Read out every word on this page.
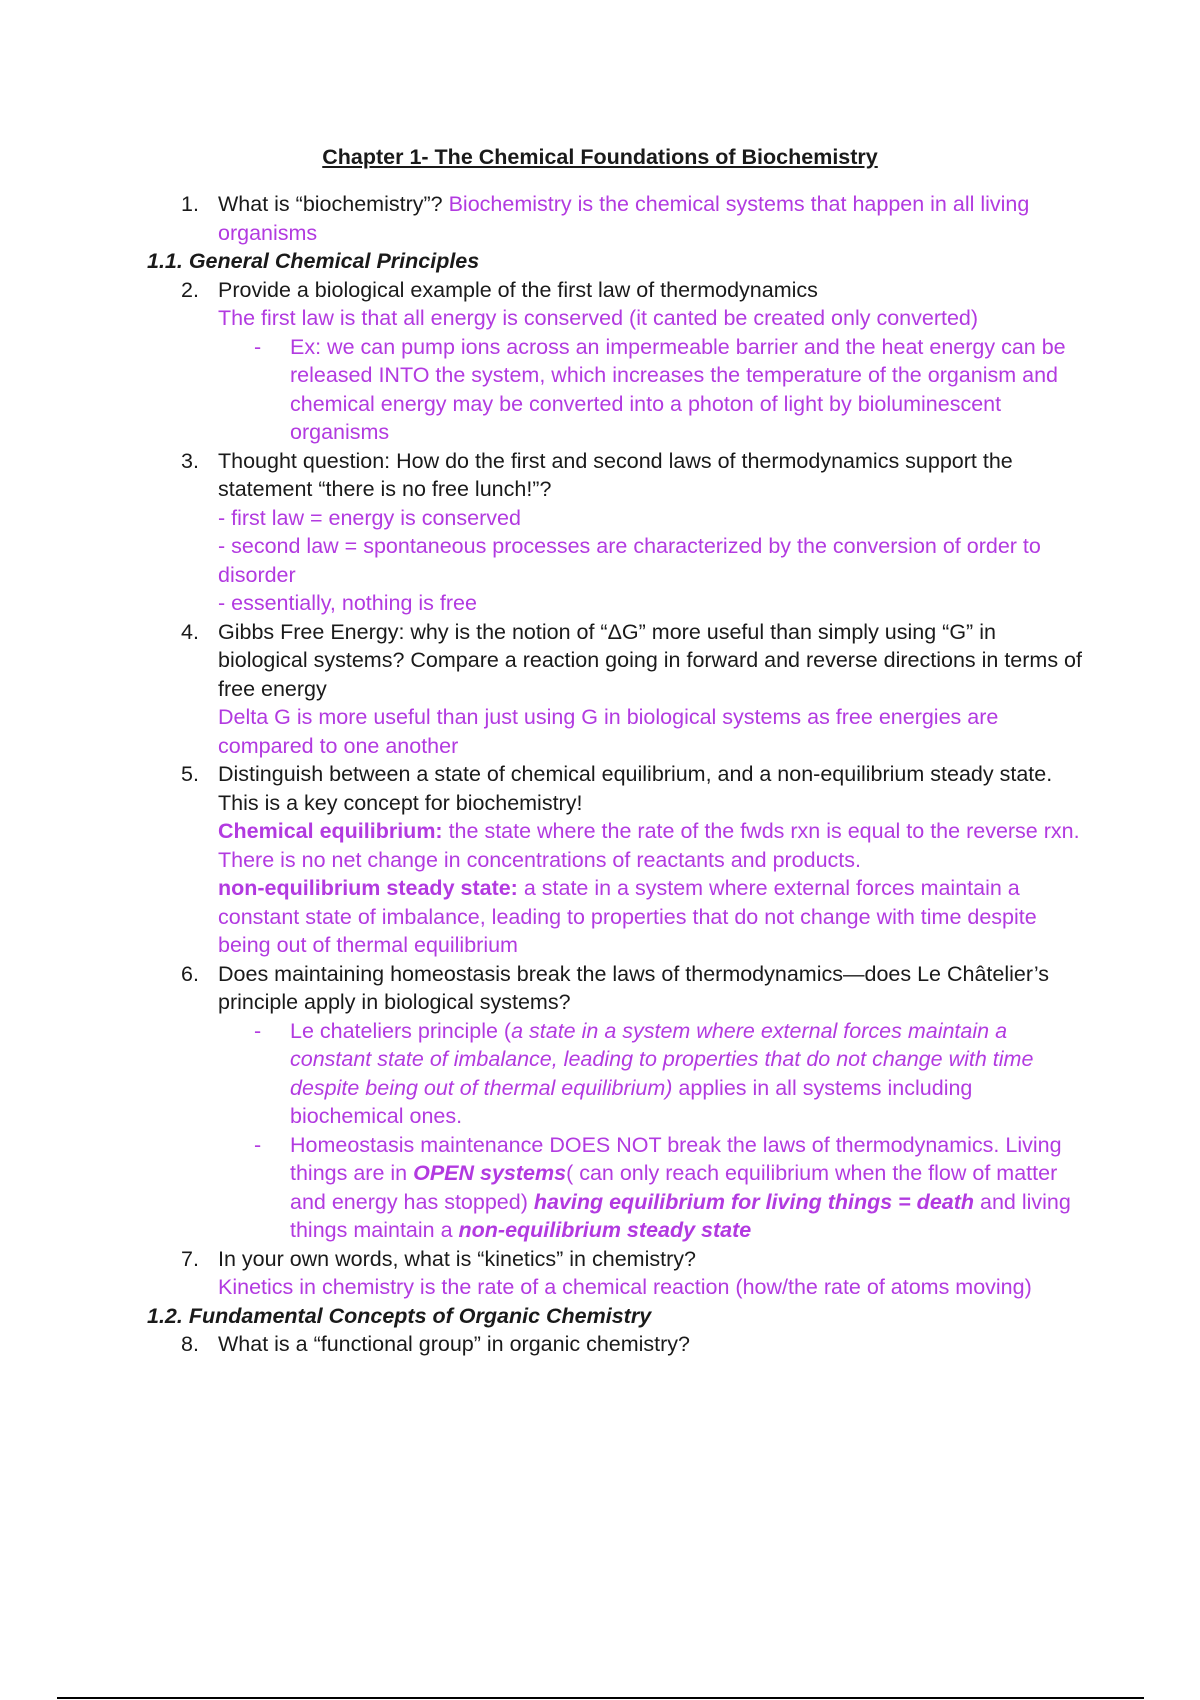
Chapter 1- The Chemical Foundations of Biochemistry
1. What is “biochemistry”? Biochemistry is the chemical systems that happen in all living organisms
1.1. General Chemical Principles
2. Provide a biological example of the first law of thermodynamics
The first law is that all energy is conserved (it canted be created only converted)
- Ex: we can pump ions across an impermeable barrier and the heat energy can be released INTO the system, which increases the temperature of the organism and chemical energy may be converted into a photon of light by bioluminescent organisms
3. Thought question: How do the first and second laws of thermodynamics support the statement “there is no free lunch!”?
- first law = energy is conserved
- second law = spontaneous processes are characterized by the conversion of order to disorder
- essentially, nothing is free
4. Gibbs Free Energy: why is the notion of “ΔG” more useful than simply using “G” in biological systems? Compare a reaction going in forward and reverse directions in terms of free energy
Delta G is more useful than just using G in biological systems as free energies are compared to one another
5. Distinguish between a state of chemical equilibrium, and a non-equilibrium steady state. This is a key concept for biochemistry!
Chemical equilibrium: the state where the rate of the fwds rxn is equal to the reverse rxn. There is no net change in concentrations of reactants and products.
non-equilibrium steady state: a state in a system where external forces maintain a constant state of imbalance, leading to properties that do not change with time despite being out of thermal equilibrium
6. Does maintaining homeostasis break the laws of thermodynamics—does Le Châtelier’s principle apply in biological systems?
- Le chateliers principle (a state in a system where external forces maintain a constant state of imbalance, leading to properties that do not change with time despite being out of thermal equilibrium) applies in all systems including biochemical ones.
- Homeostasis maintenance DOES NOT break the laws of thermodynamics. Living things are in OPEN systems( can only reach equilibrium when the flow of matter and energy has stopped) having equilibrium for living things = death and living things maintain a non-equilibrium steady state
7. In your own words, what is “kinetics” in chemistry?
Kinetics in chemistry is the rate of a chemical reaction (how/the rate of atoms moving)
1.2. Fundamental Concepts of Organic Chemistry
8. What is a “functional group” in organic chemistry?
